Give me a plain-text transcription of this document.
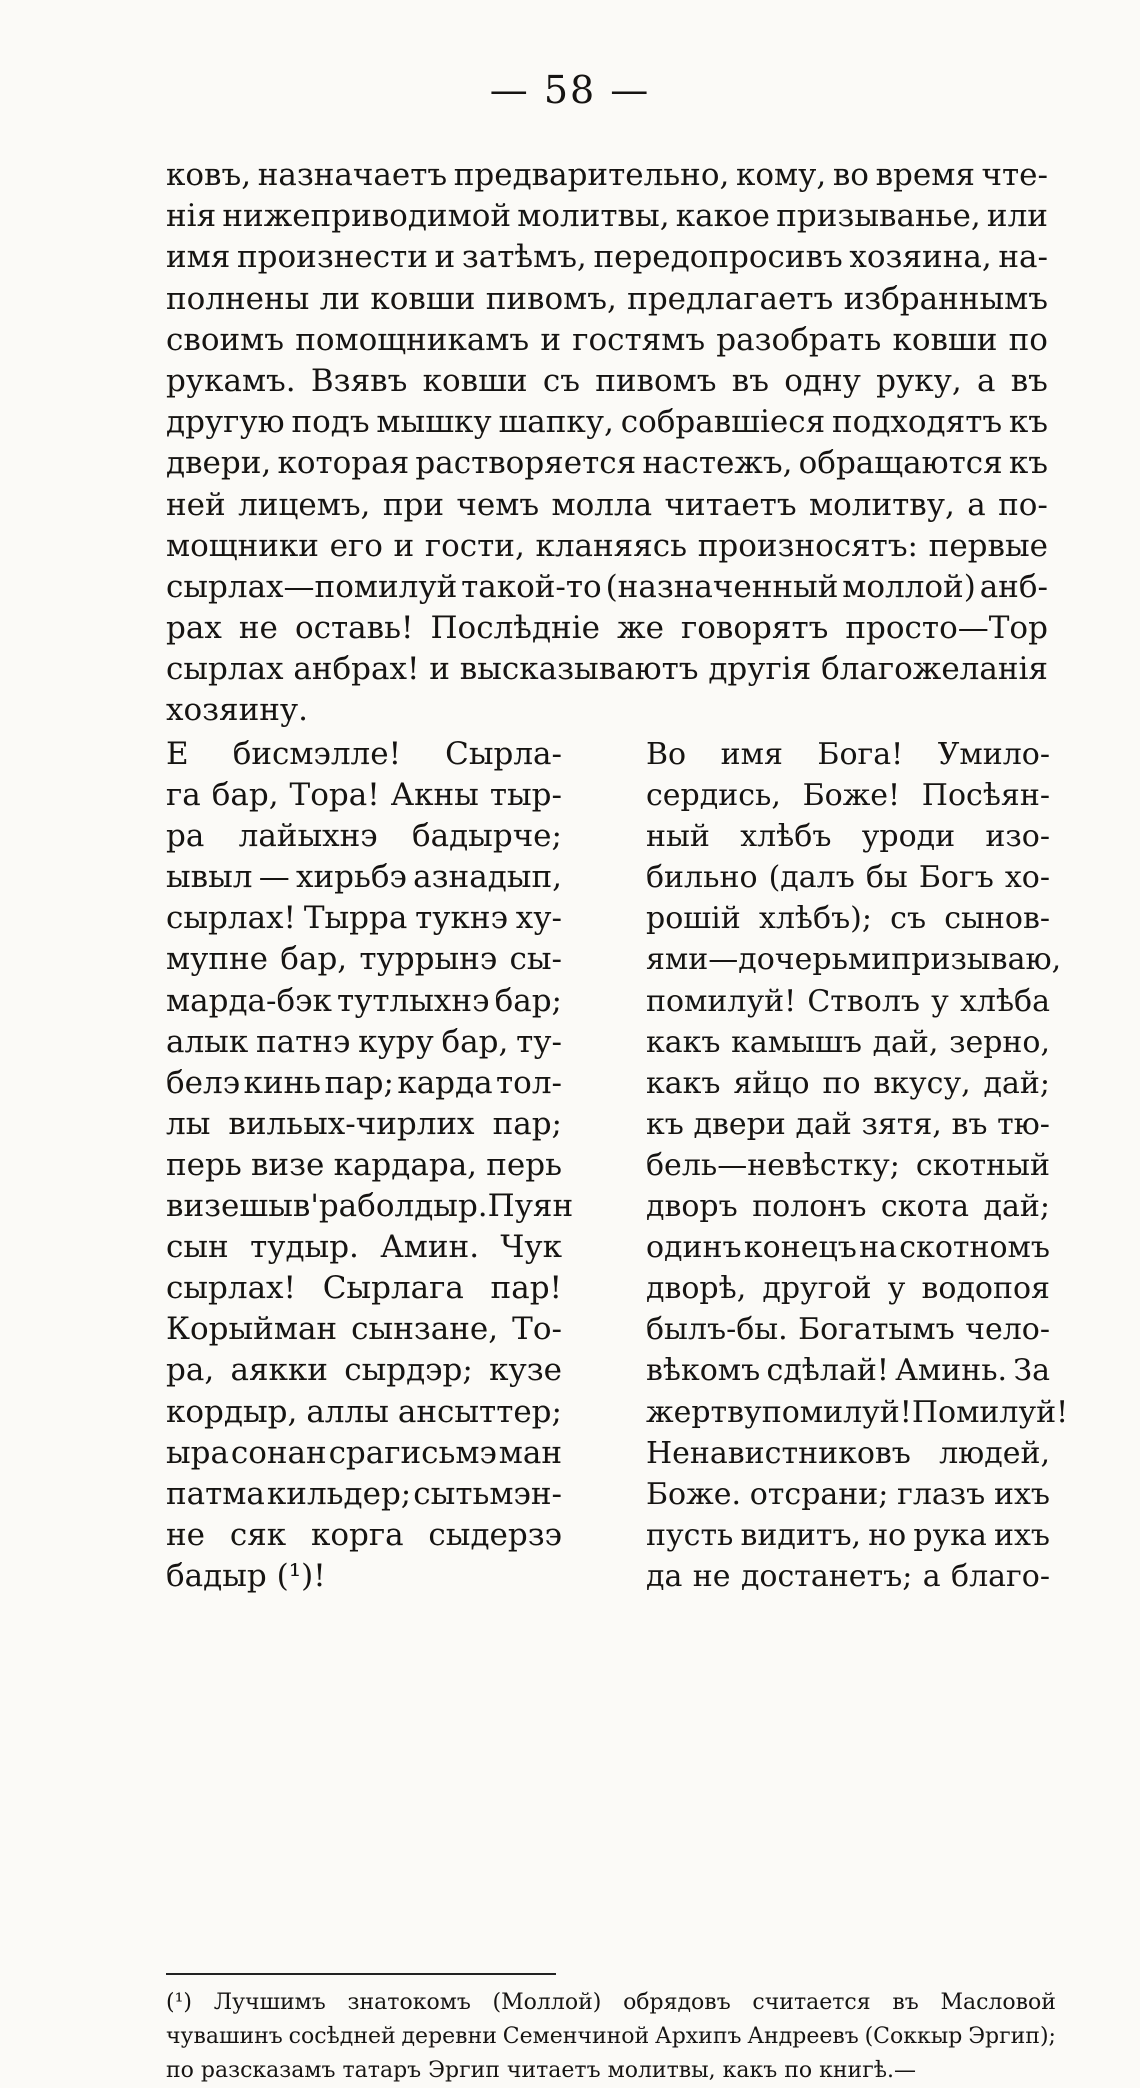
— 58 —
ковъ, назначаетъ предварительно, кому, во время чте-
нія нижеприводимой молитвы, какое призыванье, или
имя произнести и затѣмъ, передопросивъ хозяина, на-
полнены ли ковши пивомъ, предлагаетъ избраннымъ
своимъ помощникамъ и гостямъ разобрать ковши по
рукамъ. Взявъ ковши съ пивомъ въ одну руку, а въ
другую подъ мышку шапку, собравшіеся подходятъ къ
двери, которая растворяется настежъ, обращаются къ
ней лицемъ, при чемъ молла читаетъ молитву, а по-
мощники его и гости, кланяясь произносятъ: первые
сырлах—помилуй такой-то (назначенный моллой) анб-
рах не оставь! Послѣдніе же говорятъ просто—Тор
сырлах анбрах! и высказываютъ другія благожеланія
хозяину.
Е бисмэлле! Сырла-
га бар, Тора! Акны тыр-
ра лайыхнэ бадырче;
ывыл — хирьбэ азнадып,
сырлах! Тырра тукнэ ху-
мупне бар, туррынэ сы-
марда-бэк тутлыхнэ бар;
алык патнэ куру бар, ту-
белэ кинь пар; карда тол-
лы вильых-чирлих пар;
перь визе кардара, перь
визе шыв'ра болдыр. Пуян
сын тудыр. Амин. Чук
сырлах! Сырлага пар!
Корыйман сынзане, То-
ра, аякки сырдэр; кузе
кордыр, аллы ансыттер;
ыра сонан срагисьмэ ман
патма кильдер; сытьмэн-
не сяк корга сыдерзэ
бадыр (¹)!
Во имя Бога! Умило-
сердись, Боже! Посѣян-
ный хлѣбъ уроди изо-
бильно (далъ бы Богъ хо-
рошій хлѣбъ); съ сынов-
ями—дочерьми призываю,
помилуй! Стволъ у хлѣба
какъ камышъ дай, зерно,
какъ яйцо по вкусу, дай;
къ двери дай зятя, въ тю-
бель—невѣстку; скотный
дворъ полонъ скота дай;
одинъ конецъ на скотномъ
дворѣ, другой у водопоя
былъ-бы. Богатымъ чело-
вѣкомъ сдѣлай! Аминь. За
жертву помилуй! Помилуй!
Ненавистниковъ людей,
Боже. отсрани; глазъ ихъ
пусть видитъ, но рука ихъ
да не достанетъ; а благо-
(¹) Лучшимъ знатокомъ (Моллой) обрядовъ считается въ Масловой
чувашинъ сосѣдней деревни Семенчиной Архипъ Андреевъ (Соккыр Эргип);
по разсказамъ татаръ Эргип читаетъ молитвы, какъ по книгѣ.—
